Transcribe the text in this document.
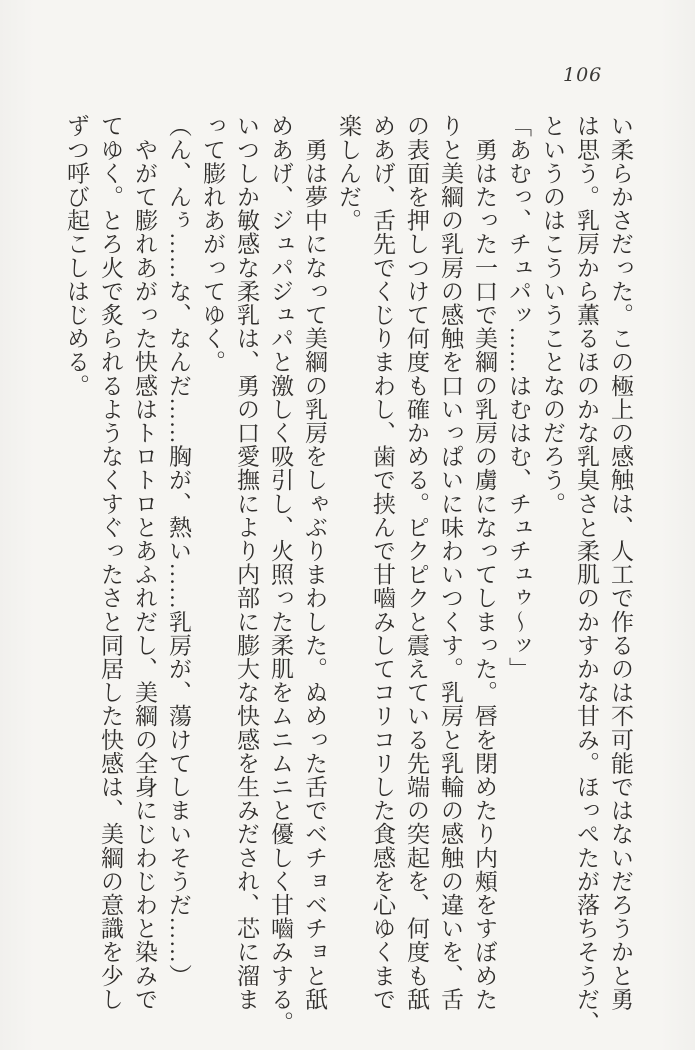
106

い柔らかさだった。この極上の感触は、人工で作るのは不可能ではないだろうかと勇

は思う。乳房から薫るほのかな乳臭さと柔肌のかすかな甘み。ほっぺたが落ちそうだ、

というのはこういうことなのだろう。

「あむっ、チュパッ……はむはむ、チュチュゥ〜ッ」

　勇はたった一口で美綱の乳房の虜になってしまった。唇を閉めたり内頰をすぼめた

りと美綱の乳房の感触を口いっぱいに味わいつくす。乳房と乳輪の感触の違いを、舌

の表面を押しつけて何度も確かめる。ピクピクと震えている先端の突起を、何度も舐

めあげ、舌先でくじりまわし、歯で挟んで甘嚙みしてコリコリした食感を心ゆくまで

楽しんだ。

　勇は夢中になって美綱の乳房をしゃぶりまわした。ぬめった舌でベチョベチョと舐

めあげ、ジュパジュパと激しく吸引し、火照った柔肌をムニムニと優しく甘嚙みする。

いつしか敏感な柔乳は、勇の口愛撫により内部に膨大な快感を生みだされ、芯に溜ま

って膨れあがってゆく。

（ん、んぅ……な、なんだ……胸が、熱い……乳房が、蕩けてしまいそうだ……）

　やがて膨れあがった快感はトロトロとあふれだし、美綱の全身にじわじわと染みで

てゆく。とろ火で炙られるようなくすぐったさと同居した快感は、美綱の意識を少し

ずつ呼び起こしはじめる。
